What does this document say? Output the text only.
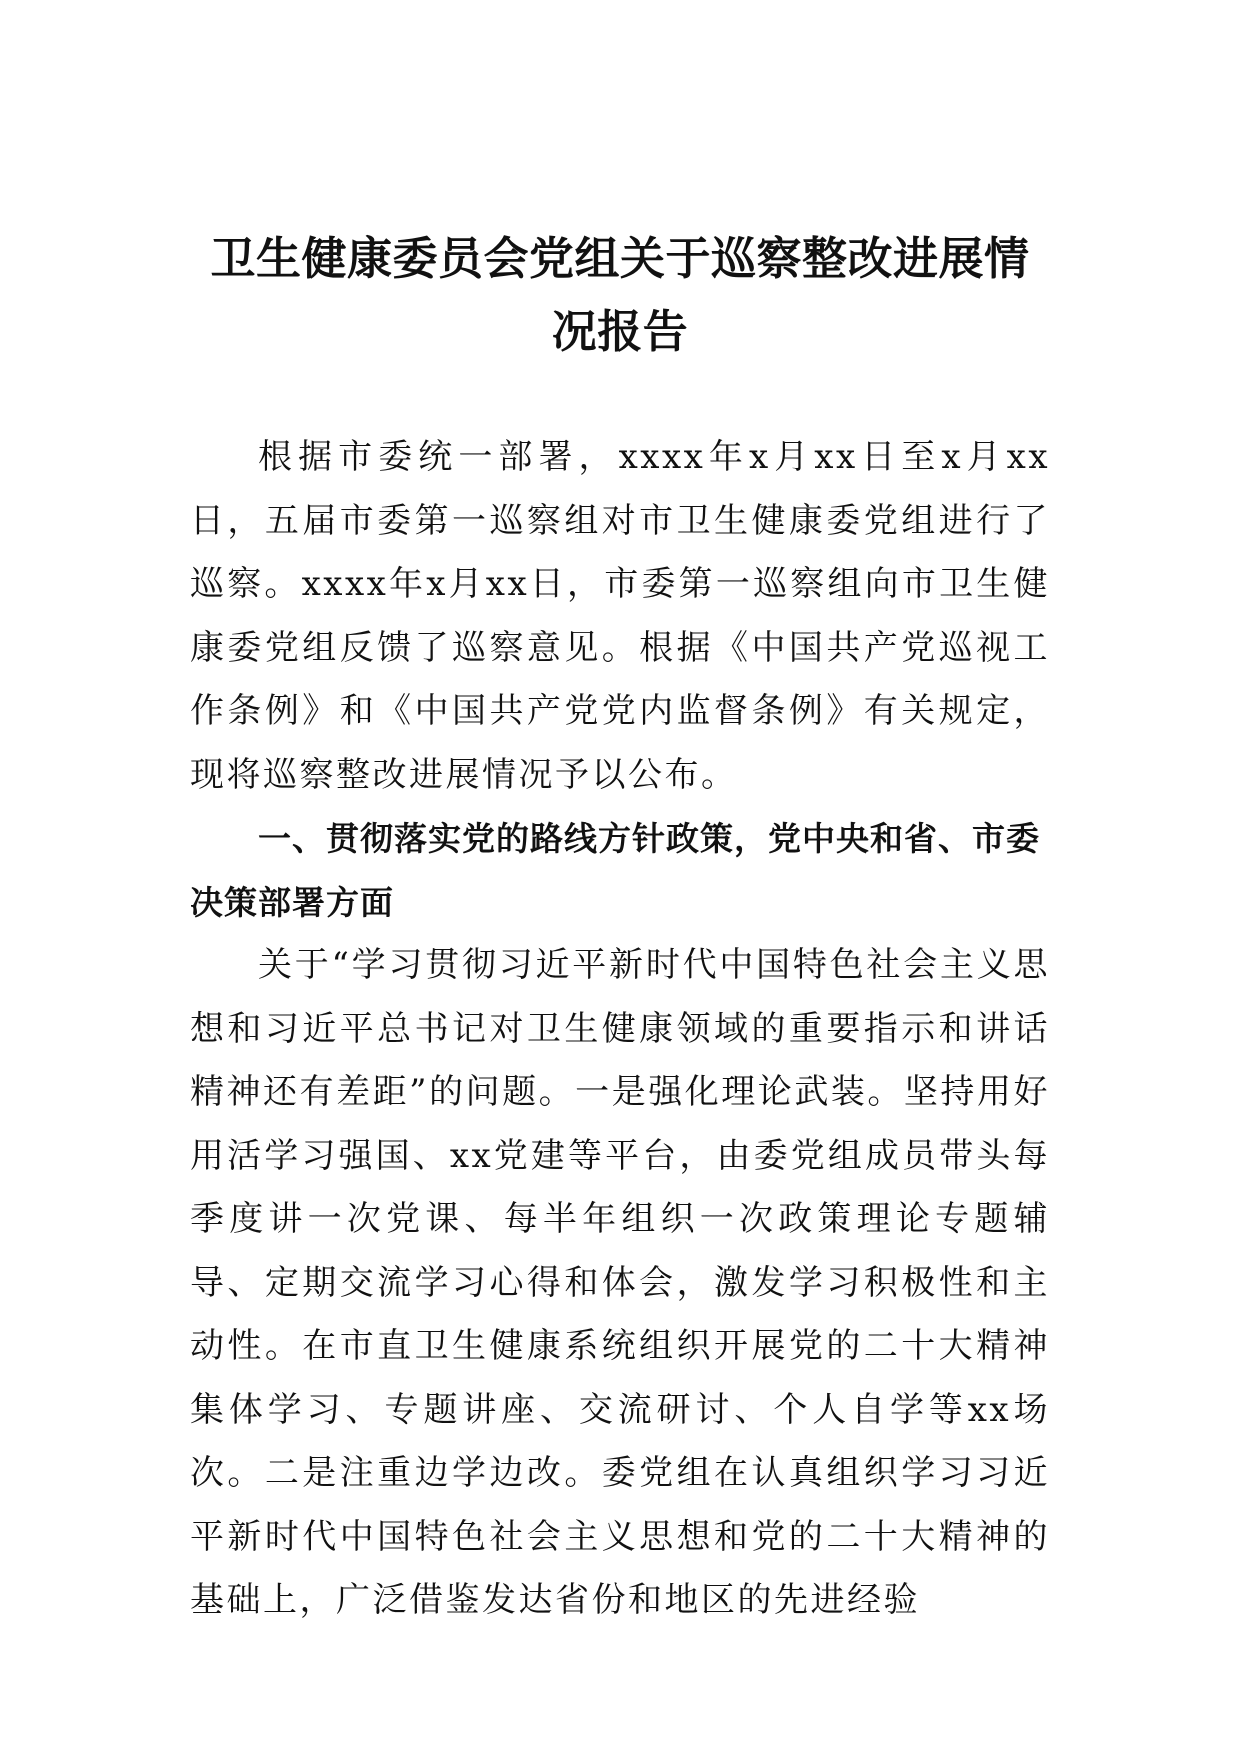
卫生健康委员会党组关于巡察整改进展情况报告

根据市委统一部署，xxxx年x月xx日至x月xx日，五届市委第一巡察组对市卫生健康委党组进行了巡察。xxxx年x月xx日，市委第一巡察组向市卫生健康委党组反馈了巡察意见。根据《中国共产党巡视工作条例》和《中国共产党党内监督条例》有关规定，现将巡察整改进展情况予以公布。

一、贯彻落实党的路线方针政策，党中央和省、市委决策部署方面

关于“学习贯彻习近平新时代中国特色社会主义思想和习近平总书记对卫生健康领域的重要指示和讲话精神还有差距”的问题。一是强化理论武装。坚持用好用活学习强国、xx党建等平台，由委党组成员带头每季度讲一次党课、每半年组织一次政策理论专题辅导、定期交流学习心得和体会，激发学习积极性和主动性。在市直卫生健康系统组织开展党的二十大精神集体学习、专题讲座、交流研讨、个人自学等xx场次。二是注重边学边改。委党组在认真组织学习习近平新时代中国特色社会主义思想和党的二十大精神的基础上，广泛借鉴发达省份和地区的先进经验
